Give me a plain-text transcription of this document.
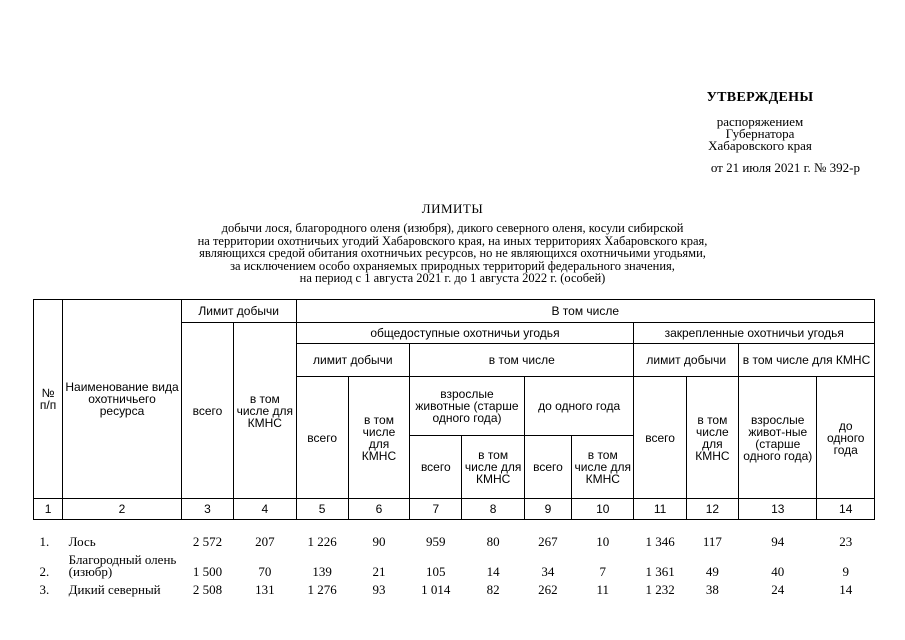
УТВЕРЖДЕНЫ
распоряжением
Губернатора
Хабаровского края
от 21 июля 2021 г. № 392-р
ЛИМИТЫ
добычи лося, благородного оленя (изюбря), дикого северного оленя, косули сибирской
на территории охотничьих угодий Хабаровского края, на иных территориях Хабаровского края,
являющихся средой обитания охотничьих ресурсов, но не являющихся охотничьими угодьями,
за исключением особо охраняемых природных территорий федерального значения,
на период с 1 августа 2021 г. до 1 августа 2022 г. (особей)
№ п/п	Наименование вида охотничьего ресурса	Лимит добычи		В том числе									
		всего	в том числе для КМНС	общедоступные охотничьи угодья						закрепленные охотничьи угодья			
				лимит добычи		в том числе				лимит добычи		в том числе для КМНС	
				всего	в том числе для КМНС	взрослые животные (старше одного года)		до одного года		всего	в том числе для КМНС	взрослые живот-ные (старше одного года)	до одного года
						всего	в том числе для КМНС	всего	в том числе для КМНС				
1	2	3	4	5	6	7	8	9	10	11	12	13	14
1.	Лось	2 572	207	1 226	90	959	80	267	10	1 346	117	94	23
2.	Благородный олень (изюбр)	1 500	70	139	21	105	14	34	7	1 361	49	40	9
3.	Дикий северный	2 508	131	1 276	93	1 014	82	262	11	1 232	38	24	14
